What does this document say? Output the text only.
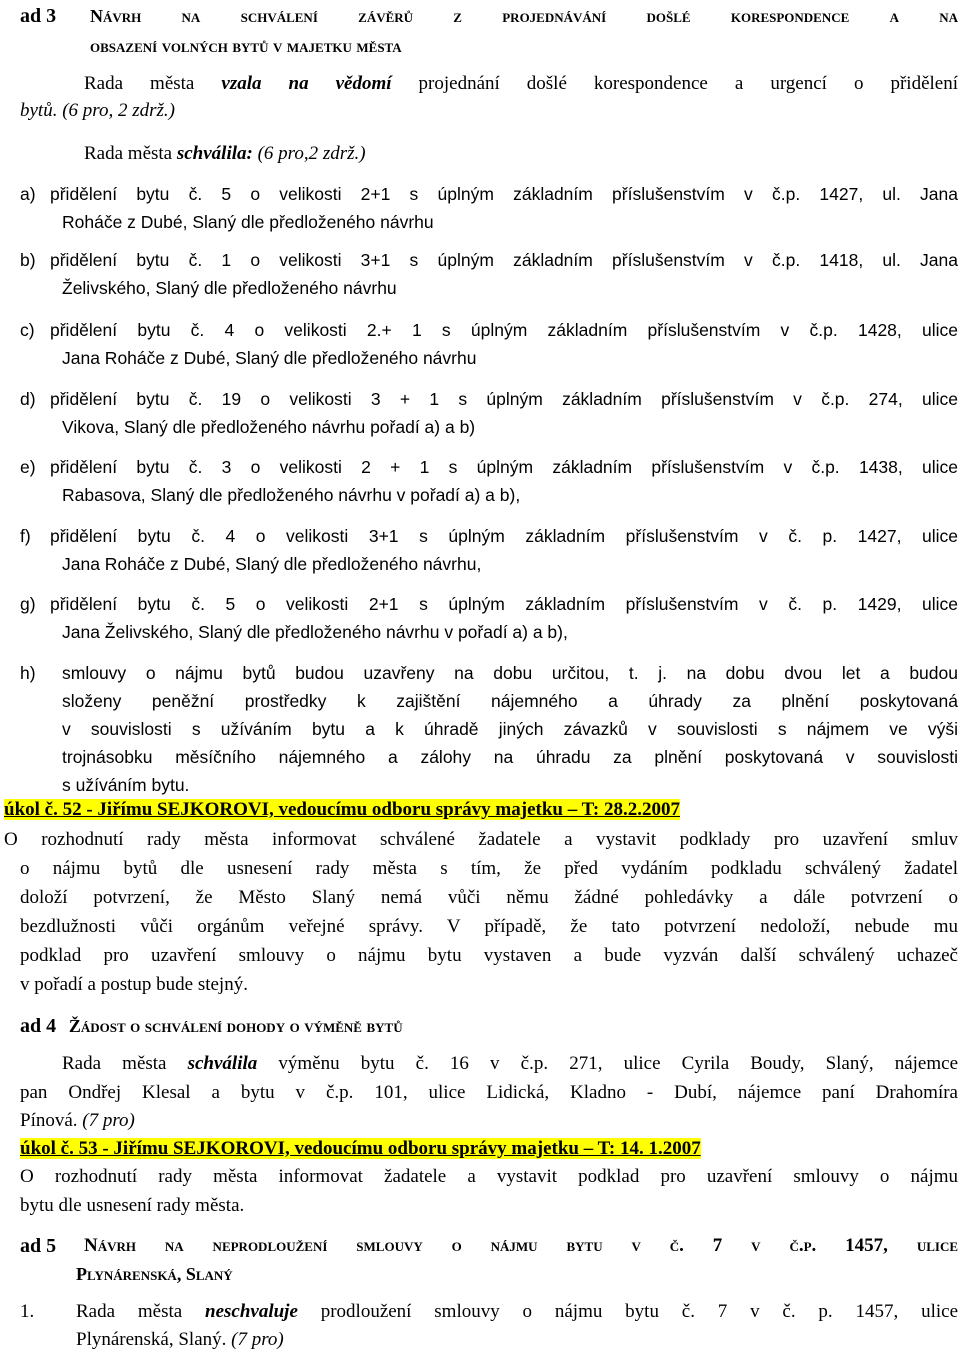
ad 3 Návrh na schválení závěrů z projednávání došlé korespondence a na
obsazení volných bytů v majetku města
Rada města vzala na vědomí projednání došlé korespondence a urgencí o přidělení
bytů. (6 pro, 2 zdrž.)
Rada města schválila: (6 pro,2 zdrž.)
a) přidělení bytu č. 5 o velikosti 2+1 s úplným základním příslušenstvím v č.p. 1427, ul. Jana
Roháče z Dubé, Slaný dle předloženého návrhu
b) přidělení bytu č. 1 o velikosti 3+1 s úplným základním příslušenstvím v č.p. 1418, ul. Jana
Želivského, Slaný dle předloženého návrhu
c) přidělení bytu č. 4 o velikosti 2.+ 1 s úplným základním příslušenstvím v č.p. 1428, ulice
Jana Roháče z Dubé, Slaný dle předloženého návrhu
d) přidělení bytu č. 19 o velikosti 3 + 1 s úplným základním příslušenstvím v č.p. 274, ulice
Vikova, Slaný dle předloženého návrhu pořadí a) a b)
e) přidělení bytu č. 3 o velikosti 2 + 1 s úplným základním příslušenstvím v č.p. 1438, ulice
Rabasova, Slaný dle předloženého návrhu v pořadí a) a b),
f) přidělení bytu č. 4 o velikosti 3+1 s úplným základním příslušenstvím v č. p. 1427, ulice
Jana Roháče z Dubé, Slaný dle předloženého návrhu,
g) přidělení bytu č. 5 o velikosti 2+1 s úplným základním příslušenstvím v č. p. 1429, ulice
Jana Želivského, Slaný dle předloženého návrhu v pořadí a) a b),
h) smlouvy o nájmu bytů budou uzavřeny na dobu určitou, t. j. na dobu dvou let a budou
složeny peněžní prostředky k zajištění nájemného a úhrady za plnění poskytovaná
v souvislosti s užíváním bytu a k úhradě jiných závazků v souvislosti s nájmem ve výši
trojnásobku měsíčního nájemného a zálohy na úhradu za plnění poskytovaná v souvislosti
s užíváním bytu.
úkol č. 52 - Jiřímu SEJKOROVI, vedoucímu odboru správy majetku – T: 28.2.2007
O rozhodnutí rady města informovat schválené žadatele a vystavit podklady pro uzavření smluv
o nájmu bytů dle usnesení rady města s tím, že před vydáním podkladu schválený žadatel
doloží potvrzení, že Město Slaný nemá vůči němu žádné pohledávky a dále potvrzení o
bezdlužnosti vůči orgánům veřejné správy. V případě, že tato potvrzení nedoloží, nebude mu
podklad pro uzavření smlouvy o nájmu bytu vystaven a bude vyzván další schválený uchazeč
v pořadí a postup bude stejný.
ad 4 Žádost o schválení dohody o výměně bytů
Rada města schválila výměnu bytu č. 16 v č.p. 271, ulice Cyrila Boudy, Slaný, nájemce
pan Ondřej Klesal a bytu v č.p. 101, ulice Lidická, Kladno - Dubí, nájemce paní Drahomíra
Pínová. (7 pro)
úkol č. 53 - Jiřímu SEJKOROVI, vedoucímu odboru správy majetku – T: 14. 1.2007
O rozhodnutí rady města informovat žadatele a vystavit podklad pro uzavření smlouvy o nájmu
bytu dle usnesení rady města.
ad 5 Návrh na neprodloužení smlouvy o nájmu bytu v č. 7 v č.p. 1457, ulice
Plynárenská, Slaný
1. Rada města neschvaluje prodloužení smlouvy o nájmu bytu č. 7 v č. p. 1457, ulice
Plynárenská, Slaný. (7 pro)
